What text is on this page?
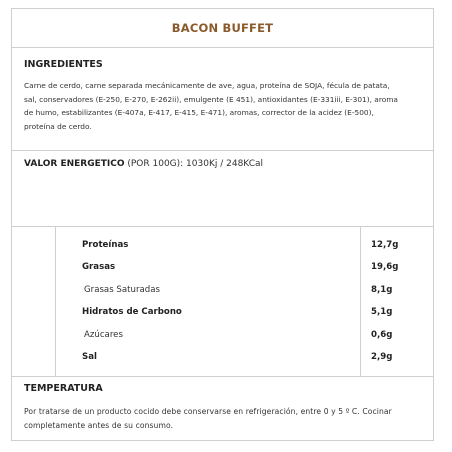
BACON BUFFET
INGREDIENTES
Carne de cerdo, carne separada mecánicamente de ave, agua, proteína de SOJA, fécula de patata,
sal, conservadores (E-250, E-270, E-262ii), emulgente (E 451), antioxidantes (E-331iii, E-301), aroma
de humo, estabilizantes (E-407a, E-417, E-415, E-471), aromas, corrector de la acidez (E-500),
proteína de cerdo.
VALOR ENERGETICO (POR 100G): 1030Kj / 248KCal
Proteínas	12,7g
Grasas	19,6g
Grasas Saturadas	8,1g
Hidratos de Carbono	5,1g
Azúcares	0,6g
Sal	2,9g
TEMPERATURA
Por tratarse de un producto cocido debe conservarse en refrigeración, entre 0 y 5 º C. Cocinar
completamente antes de su consumo.
